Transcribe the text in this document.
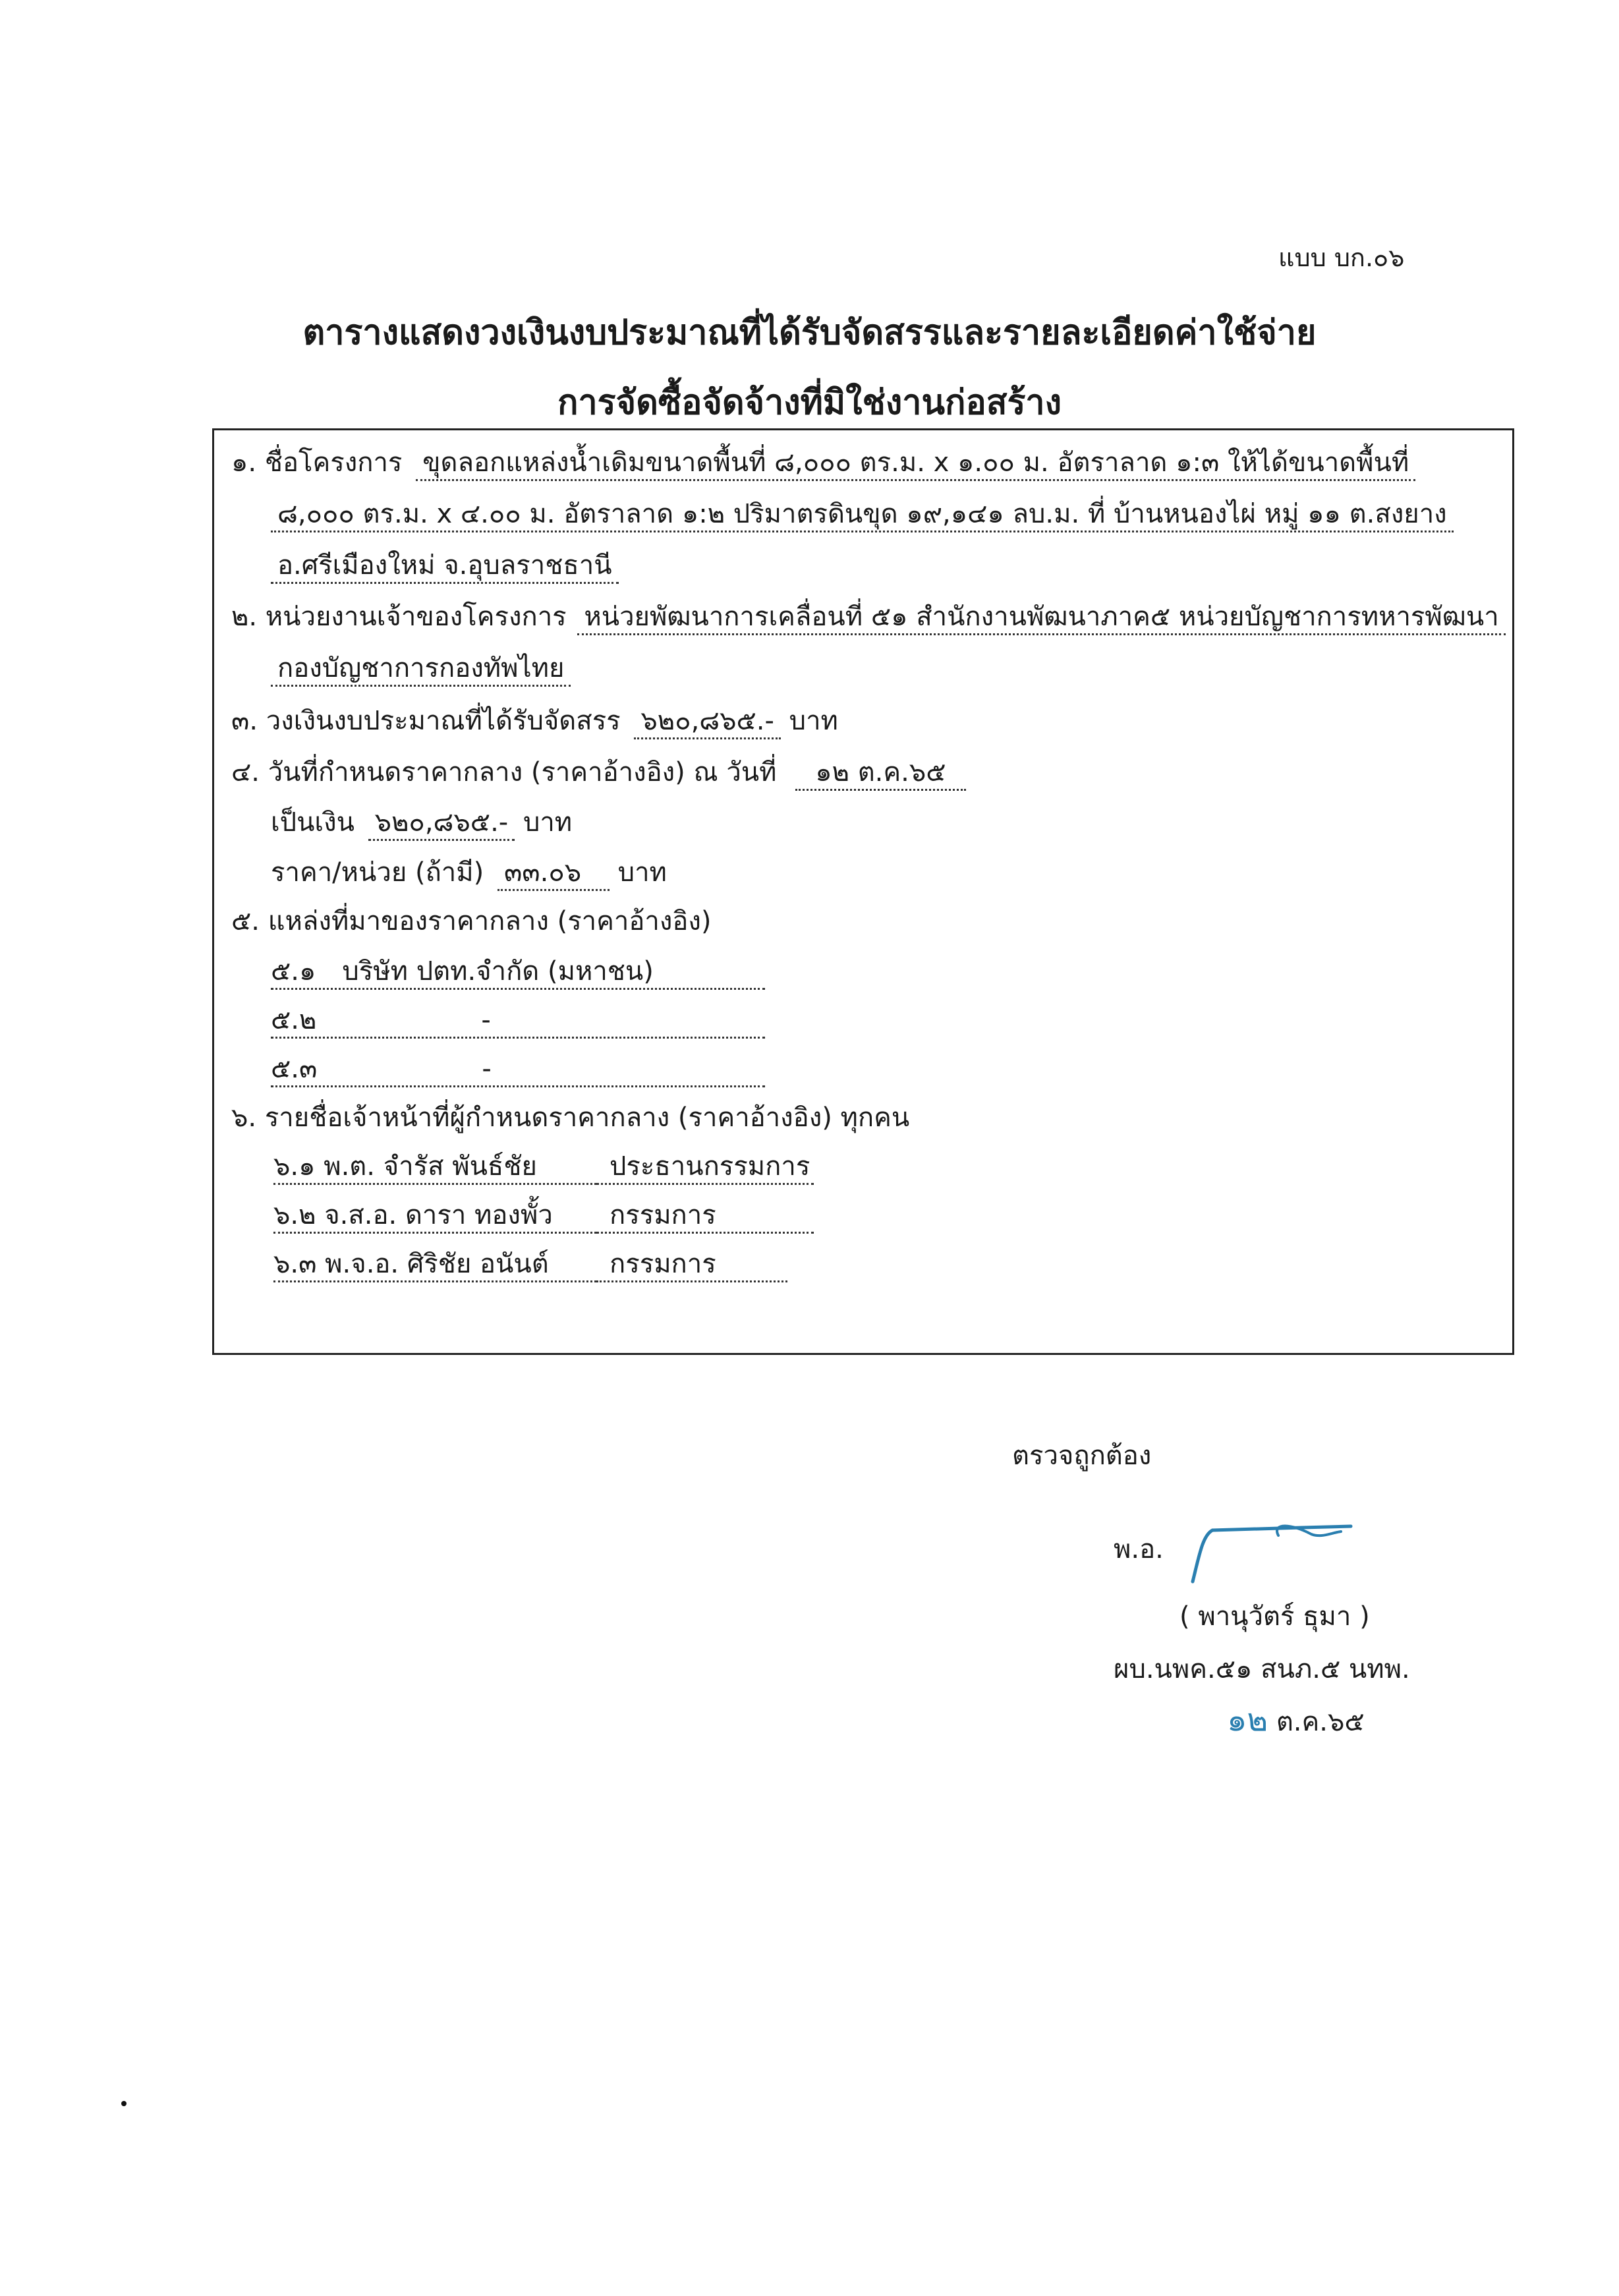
แบบ บก.๐๖
ตารางแสดงวงเงินงบประมาณที่ได้รับจัดสรรและรายละเอียดค่าใช้จ่าย
การจัดซื้อจัดจ้างที่มิใช่งานก่อสร้าง
๑. ชื่อโครงการ ขุดลอกแหล่งน้ำเดิมขนาดพื้นที่ ๘,๐๐๐ ตร.ม. x ๑.๐๐ ม. อัตราลาด ๑:๓ ให้ได้ขนาดพื้นที่
๘,๐๐๐ ตร.ม. x ๔.๐๐ ม. อัตราลาด ๑:๒ ปริมาตรดินขุด ๑๙,๑๔๑ ลบ.ม. ที่ บ้านหนองไผ่ หมู่ ๑๑ ต.สงยาง
อ.ศรีเมืองใหม่ จ.อุบลราชธานี
๒. หน่วยงานเจ้าของโครงการ หน่วยพัฒนาการเคลื่อนที่ ๕๑ สำนักงานพัฒนาภาค๕ หน่วยบัญชาการทหารพัฒนา
กองบัญชาการกองทัพไทย
๓. วงเงินงบประมาณที่ได้รับจัดสรร ๖๒๐,๘๖๕.- บาท
๔. วันที่กำหนดราคากลาง (ราคาอ้างอิง) ณ วันที่ ๑๒ ต.ค.๖๕
เป็นเงิน ๖๒๐,๘๖๕.- บาท
ราคา/หน่วย (ถ้ามี) ๓๓.๐๖ บาท
๕. แหล่งที่มาของราคากลาง (ราคาอ้างอิง)
๕.๑ บริษัท ปตท.จำกัด (มหาชน)
๕.๒	-
๕.๓	-
๖. รายชื่อเจ้าหน้าที่ผู้กำหนดราคากลาง (ราคาอ้างอิง) ทุกคน
๖.๑ พ.ต. จำรัส พันธ์ชัย	ประธานกรรมการ
๖.๒ จ.ส.อ. ดารา ทองพั้ว กรรมการ
๖.๓ พ.จ.อ. ศิริชัย อนันต์ กรรมการ
ตรวจถูกต้อง
พ.อ.
( พานุวัตร์ ธุมา )
ผบ.นพค.๕๑ สนภ.๕ นทพ.
๑๒ ต.ค.๖๕
